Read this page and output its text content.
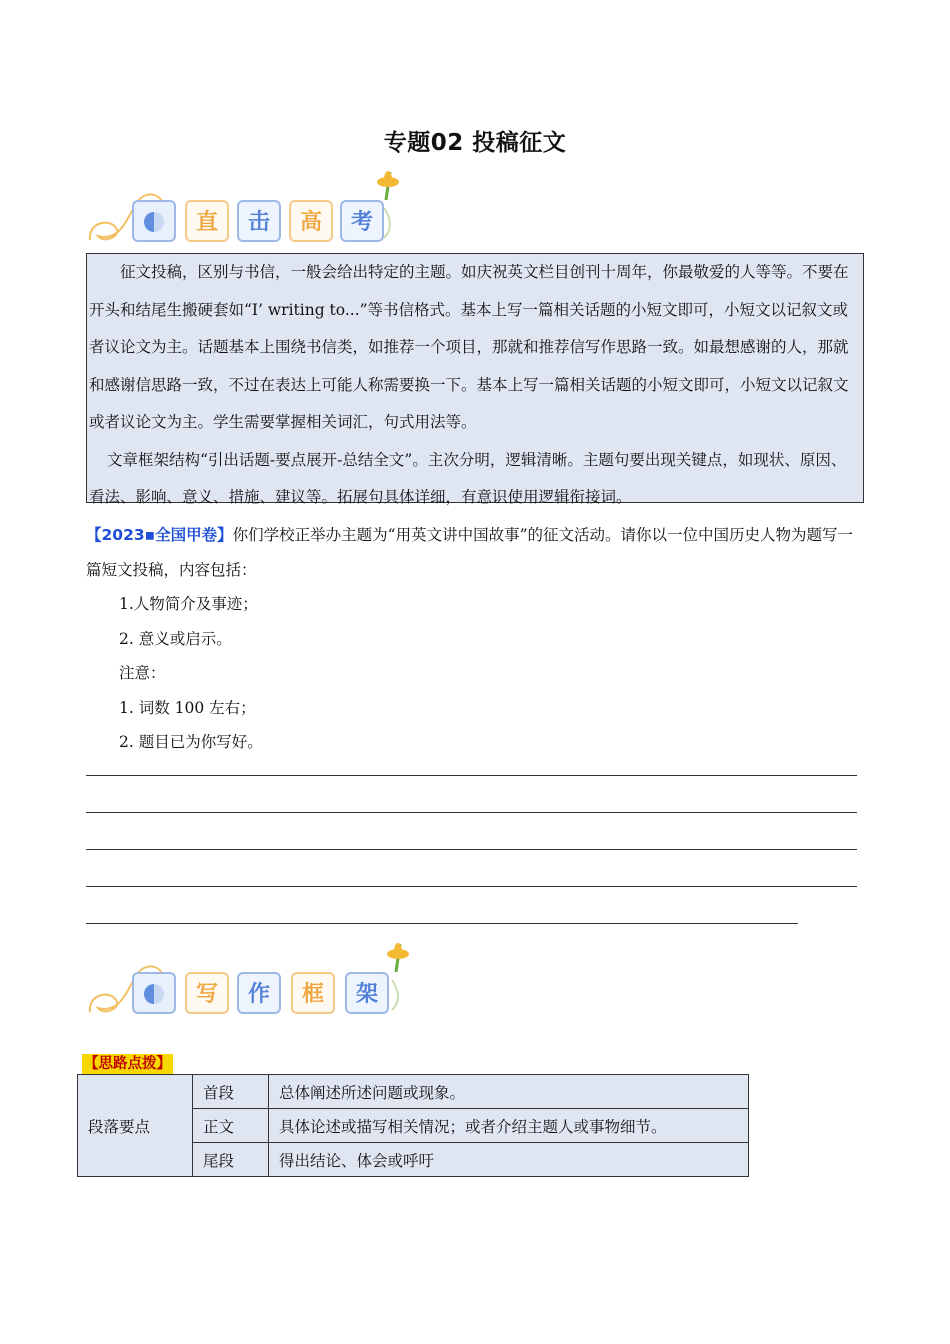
专题02 投稿征文
直	击	高	考

征文投稿，区别与书信，一般会给出特定的主题。如庆祝英文栏目创刊十周年，你最敬爱的人等等。不要在开头和结尾生搬硬套如“I’ writing to...”等书信格式。基本上写一篇相关话题的小短文即可，小短文以记叙文或者议论文为主。话题基本上围绕书信类，如推荐一个项目，那就和推荐信写作思路一致。如最想感谢的人，那就和感谢信思路一致，不过在表达上可能人称需要换一下。基本上写一篇相关话题的小短文即可，小短文以记叙文或者议论文为主。学生需要掌握相关词汇，句式用法等。

文章框架结构“引出话题-要点展开-总结全文”。主次分明，逻辑清晰。主题句要出现关键点，如现状、原因、看法、影响、意义、措施、建议等。拓展句具体详细，有意识使用逻辑衔接词。

【2023▪全国甲卷】你们学校正举办主题为“用英文讲中国故事”的征文活动。请你以一位中国历史人物为题写一篇短文投稿，内容包括：
1.人物简介及事迹；
2. 意义或启示。
注意：
1. 词数 100 左右；
2. 题目已为你写好。
写	作	框	架
【思路点拨】
段落要点	首段	总体阐述所述问题或现象。
	正文	具体论述或描写相关情况；或者介绍主题人或事物细节。
	尾段	得出结论、体会或呼吁
